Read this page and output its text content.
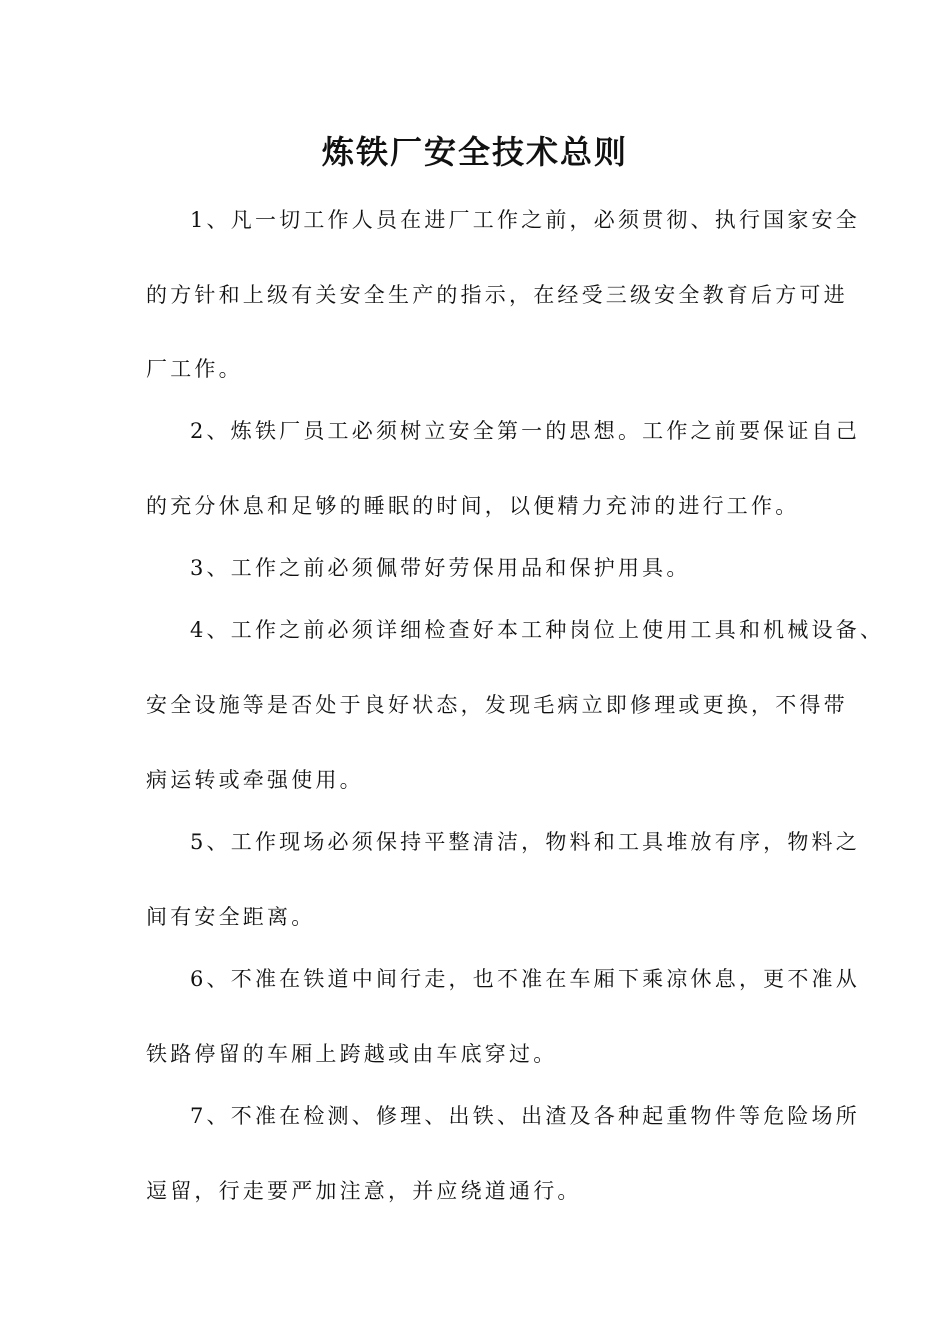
炼铁厂安全技术总则

1、凡一切工作人员在进厂工作之前，必须贯彻、执行国家安全

的方针和上级有关安全生产的指示，在经受三级安全教育后方可进

厂工作。

2、炼铁厂员工必须树立安全第一的思想。工作之前要保证自己

的充分休息和足够的睡眠的时间，以便精力充沛的进行工作。

3、工作之前必须佩带好劳保用品和保护用具。

4、工作之前必须详细检查好本工种岗位上使用工具和机械设备、

安全设施等是否处于良好状态，发现毛病立即修理或更换，不得带

病运转或牵强使用。

5、工作现场必须保持平整清洁，物料和工具堆放有序，物料之

间有安全距离。

6、不准在铁道中间行走，也不准在车厢下乘凉休息，更不准从

铁路停留的车厢上跨越或由车底穿过。

7、不准在检测、修理、出铁、出渣及各种起重物件等危险场所

逗留，行走要严加注意，并应绕道通行。
